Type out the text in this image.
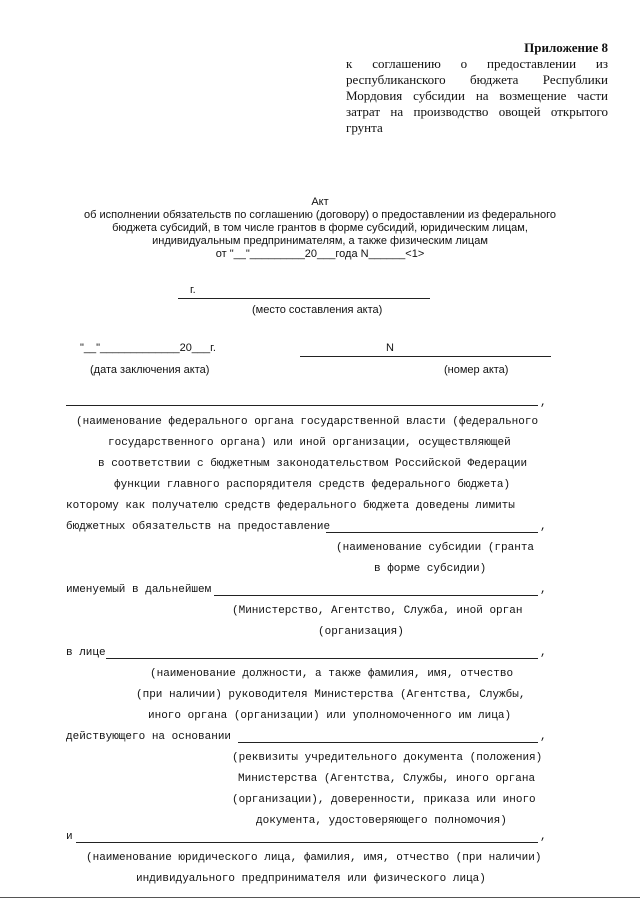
Приложение 8
к соглашению о предоставлении из республиканского бюджета Республики Мордовия субсидии на возмещение части затрат на производство овощей открытого грунта
Акт
об исполнении обязательств по соглашению (договору) о предоставлении из федерального
бюджета субсидий, в том числе грантов в форме субсидий, юридическим лицам,
индивидуальным предпринимателям, а также физическим лицам
от "__"_________20___года N______<1>
г.
(место составления акта)
"__"_____________20___г.	N
(дата заключения акта)	(номер акта)
,
(наименование федерального органа государственной власти (федерального
государственного органа) или иной организации, осуществляющей
в соответствии с бюджетным законодательством Российской Федерации
функции главного распорядителя средств федерального бюджета)
которому как получателю средств федерального бюджета доведены лимиты
бюджетных обязательств на предоставление	,
(наименование субсидии (гранта
в форме субсидии)
именуемый в дальнейшем	,
(Министерство, Агентство, Служба, иной орган
(организация)
в лице	,
(наименование должности, а также фамилия, имя, отчество
(при наличии) руководителя Министерства (Агентства, Службы,
иного органа (организации) или уполномоченного им лица)
действующего на основании	,
(реквизиты учредительного документа (положения)
Министерства (Агентства, Службы, иного органа
(организации), доверенности, приказа или иного
документа, удостоверяющего полномочия)
и	,
(наименование юридического лица, фамилия, имя, отчество (при наличии)
индивидуального предпринимателя или физического лица)
